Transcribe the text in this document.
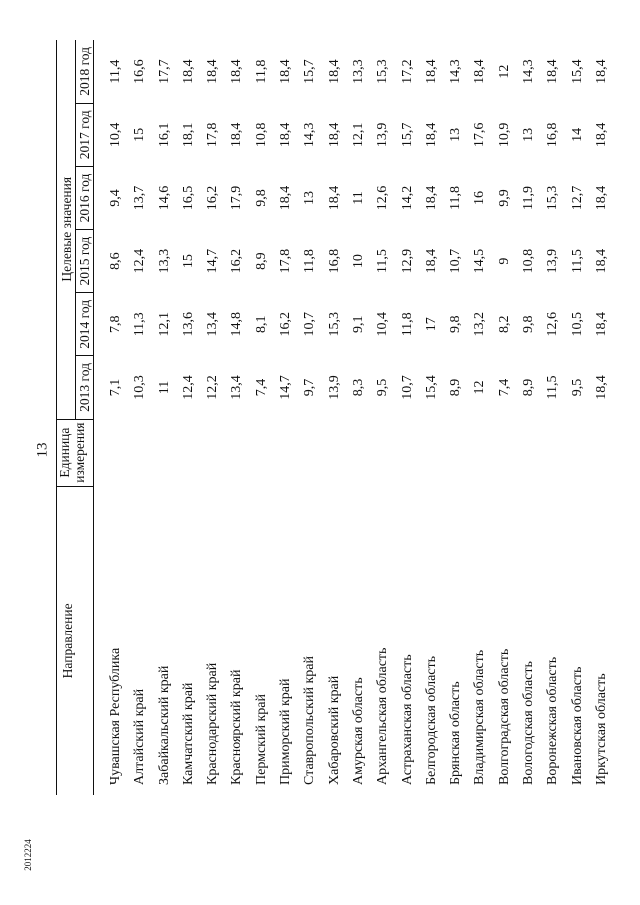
13
2012224
Направление	Единица измерения	Целевые значения					
		2013 год	2014 год	2015 год	2016 год	2017 год	2018 год
Чувашская Республика		7,1	7,8	8,6	9,4	10,4	11,4
Алтайский край		10,3	11,3	12,4	13,7	15	16,6
Забайкальский край		11	12,1	13,3	14,6	16,1	17,7
Камчатский край		12,4	13,6	15	16,5	18,1	18,4
Краснодарский край		12,2	13,4	14,7	16,2	17,8	18,4
Красноярский край		13,4	14,8	16,2	17,9	18,4	18,4
Пермский край		7,4	8,1	8,9	9,8	10,8	11,8
Приморский край		14,7	16,2	17,8	18,4	18,4	18,4
Ставропольский край		9,7	10,7	11,8	13	14,3	15,7
Хабаровский край		13,9	15,3	16,8	18,4	18,4	18,4
Амурская область		8,3	9,1	10	11	12,1	13,3
Архангельская область		9,5	10,4	11,5	12,6	13,9	15,3
Астраханская область		10,7	11,8	12,9	14,2	15,7	17,2
Белгородская область		15,4	17	18,4	18,4	18,4	18,4
Брянская область		8,9	9,8	10,7	11,8	13	14,3
Владимирская область		12	13,2	14,5	16	17,6	18,4
Волгоградская область		7,4	8,2	9	9,9	10,9	12
Вологодская область		8,9	9,8	10,8	11,9	13	14,3
Воронежская область		11,5	12,6	13,9	15,3	16,8	18,4
Ивановская область		9,5	10,5	11,5	12,7	14	15,4
Иркутская область		18,4	18,4	18,4	18,4	18,4	18,4
